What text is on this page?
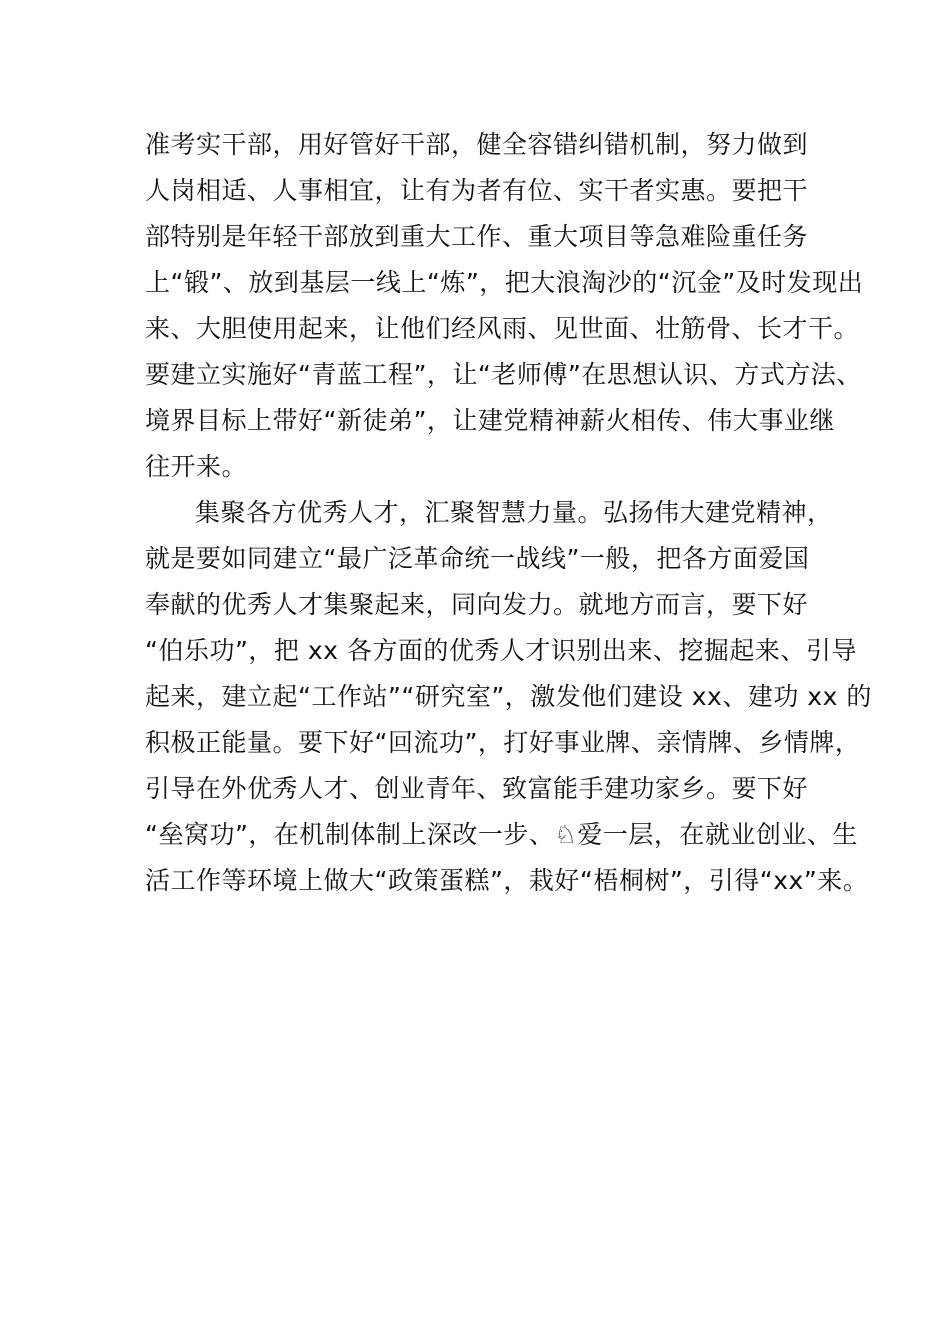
准考实干部，用好管好干部，健全容错纠错机制，努力做到
人岗相适、人事相宜，让有为者有位、实干者实惠。要把干
部特别是年轻干部放到重大工作、重大项目等急难险重任务
上“锻”、放到基层一线上“炼”，把大浪淘沙的“沉金”及时发现出
来、大胆使用起来，让他们经风雨、见世面、壮筋骨、长才干。
要建立实施好“青蓝工程”，让“老师傅”在思想认识、方式方法、
境界目标上带好“新徒弟”，让建党精神薪火相传、伟大事业继
往开来。
集聚各方优秀人才，汇聚智慧力量。弘扬伟大建党精神，
就是要如同建立“最广泛革命统一战线”一般，把各方面爱国
奉献的优秀人才集聚起来，同向发力。就地方而言，要下好
“伯乐功”，把 xx 各方面的优秀人才识别出来、挖掘起来、引导
起来，建立起“工作站”“研究室”，激发他们建设 xx、建功 xx 的
积极正能量。要下好“回流功”，打好事业牌、亲情牌、乡情牌，
引导在外优秀人才、创业青年、致富能手建功家乡。要下好
“垒窝功”，在机制体制上深改一步、♘爱一层，在就业创业、生
活工作等环境上做大“政策蛋糕”，栽好“梧桐树”，引得“xx”来。
